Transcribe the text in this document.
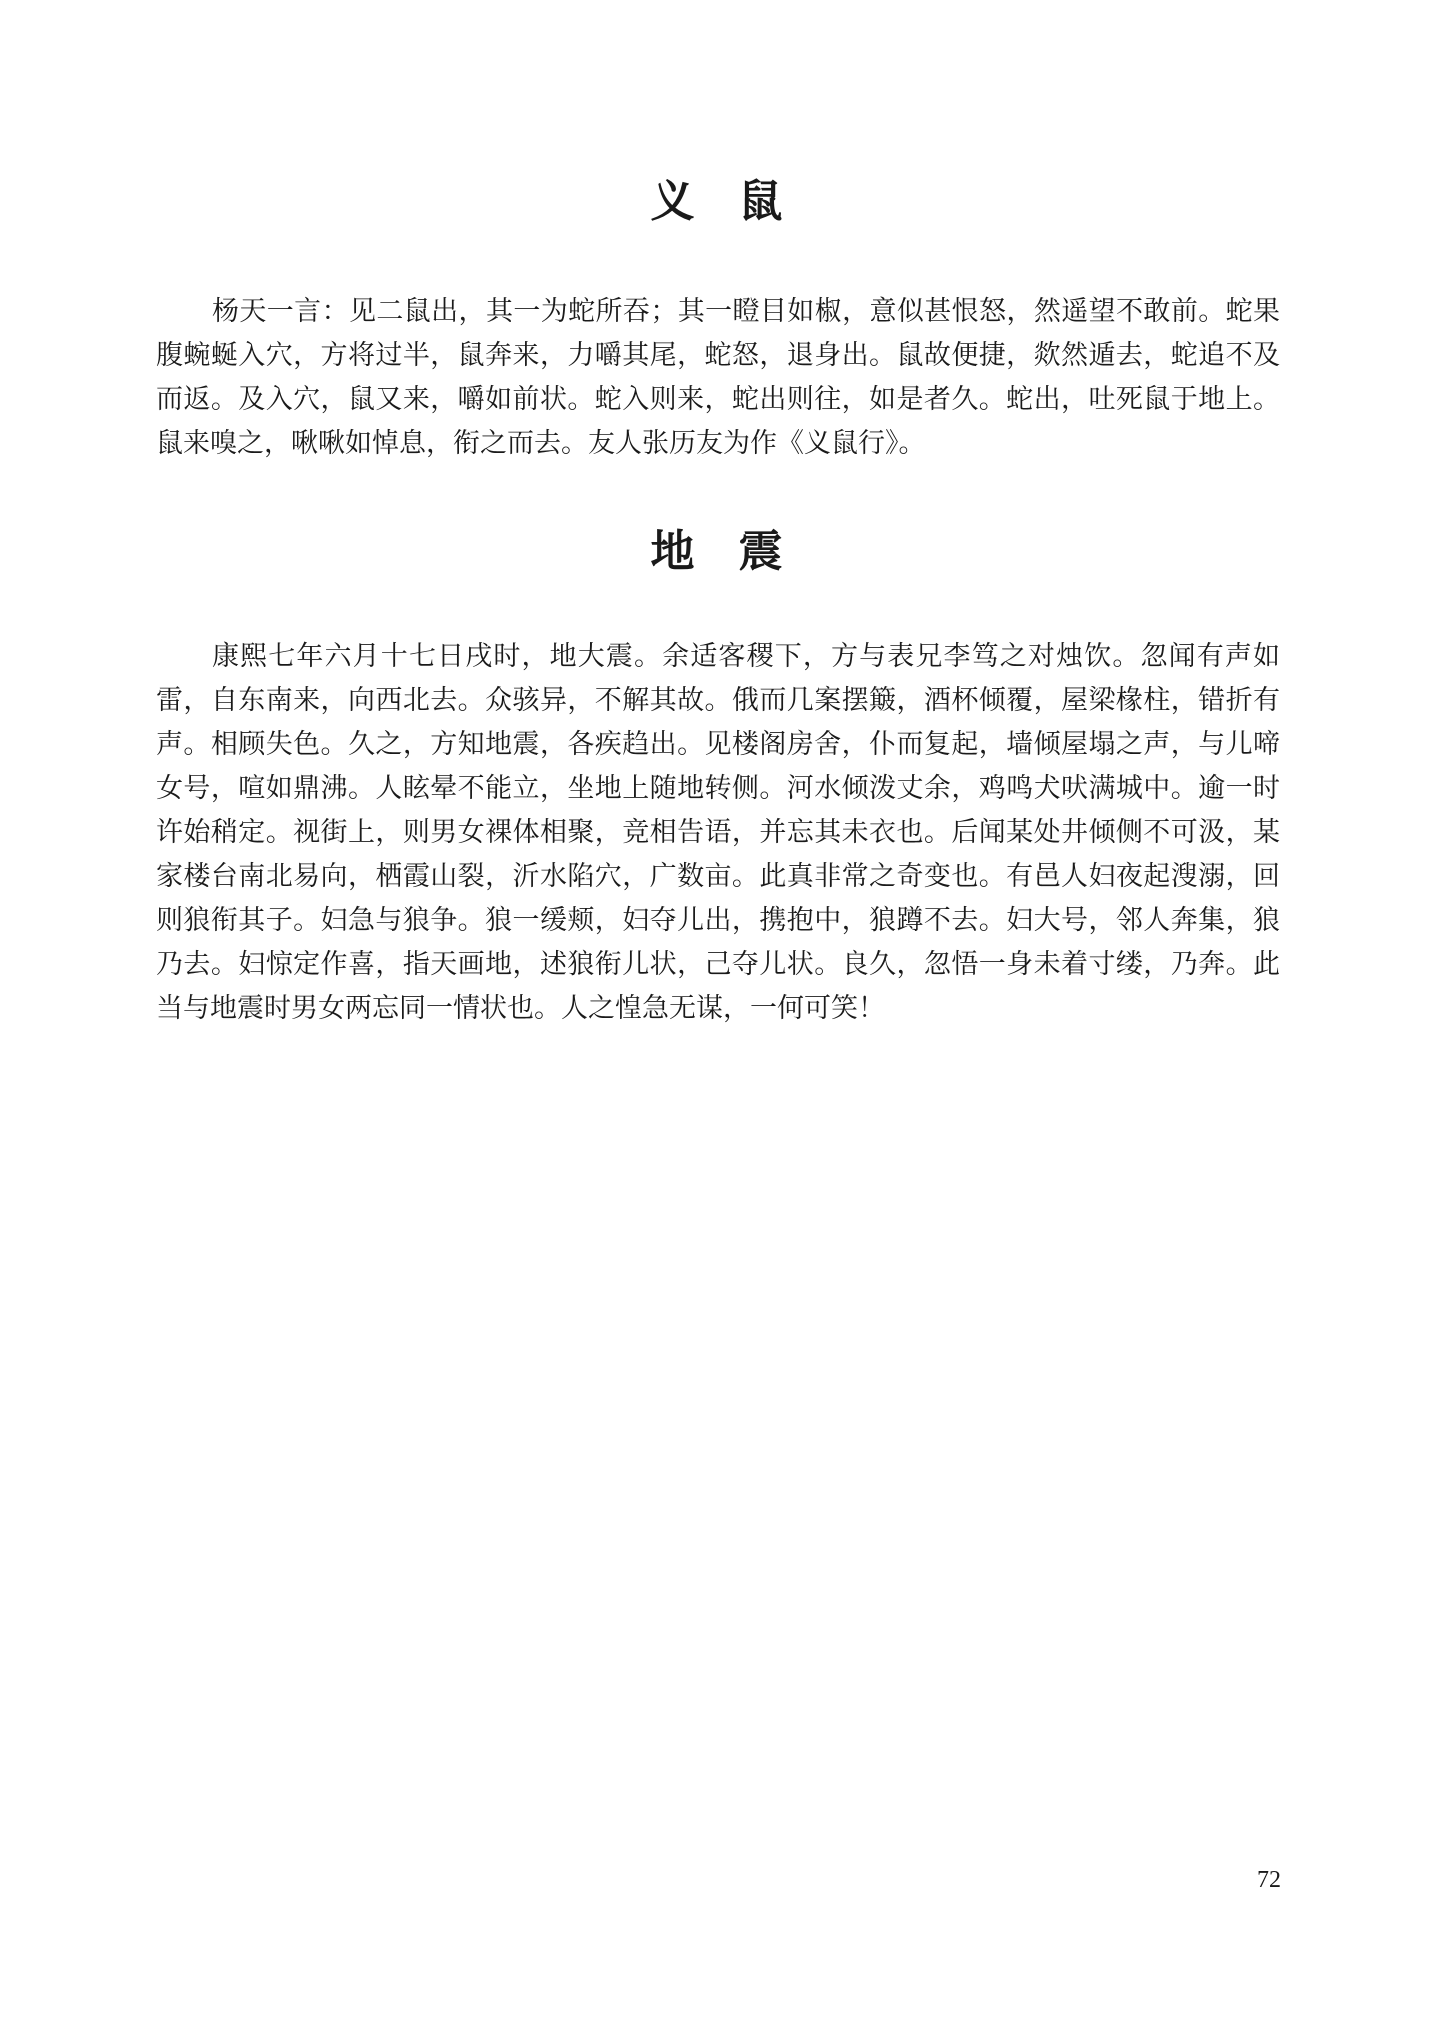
义鼠

杨天一言：见二鼠出，其一为蛇所吞；其一瞪目如椒，意似甚恨怒，然遥望不敢前。蛇果腹蜿蜒入穴，方将过半，鼠奔来，力嚼其尾，蛇怒，退身出。鼠故便捷，欻然遁去，蛇追不及而返。及入穴，鼠又来，嚼如前状。蛇入则来，蛇出则往，如是者久。蛇出，吐死鼠于地上。鼠来嗅之，啾啾如悼息，衔之而去。友人张历友为作《义鼠行》。

地震

康熙七年六月十七日戌时，地大震。余适客稷下，方与表兄李笃之对烛饮。忽闻有声如雷，自东南来，向西北去。众骇异，不解其故。俄而几案摆簸，酒杯倾覆，屋梁椽柱，错折有声。相顾失色。久之，方知地震，各疾趋出。见楼阁房舍，仆而复起，墙倾屋塌之声，与儿啼女号，喧如鼎沸。人眩晕不能立，坐地上随地转侧。河水倾泼丈余，鸡鸣犬吠满城中。逾一时许始稍定。视街上，则男女裸体相聚，竞相告语，并忘其未衣也。后闻某处井倾侧不可汲，某家楼台南北易向，栖霞山裂，沂水陷穴，广数亩。此真非常之奇变也。有邑人妇夜起溲溺，回则狼衔其子。妇急与狼争。狼一缓颊，妇夺儿出，携抱中，狼蹲不去。妇大号，邻人奔集，狼乃去。妇惊定作喜，指天画地，述狼衔儿状，己夺儿状。良久，忽悟一身未着寸缕，乃奔。此当与地震时男女两忘同一情状也。人之惶急无谋，一何可笑！

72
